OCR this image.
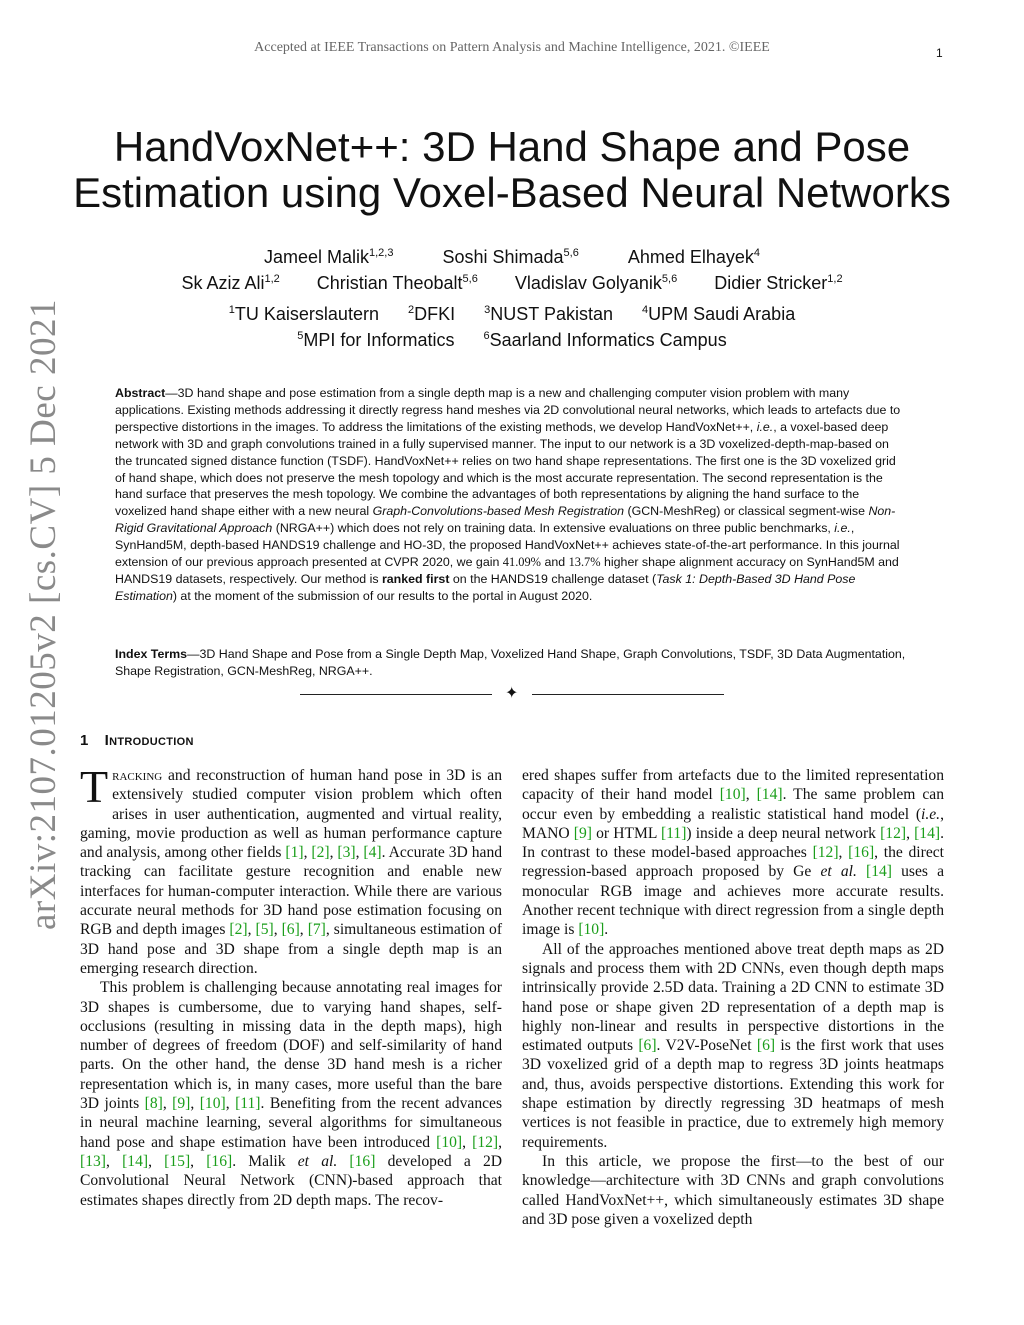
Accepted at IEEE Transactions on Pattern Analysis and Machine Intelligence, 2021. ©IEEE	1
arXiv:2107.01205v2 [cs.CV] 5 Dec 2021
HandVoxNet++: 3D Hand Shape and Pose
Estimation using Voxel-Based Neural Networks
Jameel Malik$^{1,2,3}$	Soshi Shimada$^{5,6}$	Ahmed Elhayek$^4$
Sk Aziz Ali$^{1,2}$ Christian Theobalt$^{5,6}$ Vladislav Golyanik$^{5,6}$ Didier Stricker$^{1,2}$
$^1$TU Kaiserslautern	$^2$DFKI	$^3$NUST Pakistan	$^4$UPM Saudi Arabia
$^5$MPI for Informatics	$^6$Saarland Informatics Campus
Abstract—3D hand shape and pose estimation from a single depth map is a new and challenging computer vision problem with many applications. Existing methods addressing it directly regress hand meshes via 2D convolutional neural networks, which leads to artefacts due to perspective distortions in the images. To address the limitations of the existing methods, we develop HandVoxNet++, i.e., a voxel-based deep network with 3D and graph convolutions trained in a fully supervised manner. The input to our network is a 3D voxelized-depth-map-based on the truncated signed distance function (TSDF). HandVoxNet++ relies on two hand shape representations. The first one is the 3D voxelized grid of hand shape, which does not preserve the mesh topology and which is the most accurate representation. The second representation is the hand surface that preserves the mesh topology. We combine the advantages of both representations by aligning the hand surface to the voxelized hand shape either with a new neural Graph-Convolutions-based Mesh Registration (GCN-MeshReg) or classical segment-wise Non-Rigid Gravitational Approach (NRGA++) which does not rely on training data. In extensive evaluations on three public benchmarks, i.e., SynHand5M, depth-based HANDS19 challenge and HO-3D, the proposed HandVoxNet++ achieves state-of-the-art performance. In this journal extension of our previous approach presented at CVPR 2020, we gain 41.09% and 13.7% higher shape alignment accuracy on SynHand5M and HANDS19 datasets, respectively. Our method is ranked first on the HANDS19 challenge dataset (Task 1: Depth-Based 3D Hand Pose Estimation) at the moment of the submission of our results to the portal in August 2020.
Index Terms—3D Hand Shape and Pose from a Single Depth Map, Voxelized Hand Shape, Graph Convolutions, TSDF, 3D Data Augmentation, Shape Registration, GCN-MeshReg, NRGA++.
✦
1 Introduction

Tracking and reconstruction of human hand pose in 3D is an extensively studied computer vision problem which often arises in user authentication, augmented and virtual reality, gaming, movie production as well as human performance capture and analysis, among other fields [1], [2], [3], [4]. Accurate 3D hand tracking can facilitate gesture recognition and enable new interfaces for human-computer interaction. While there are various accurate neural methods for 3D hand pose estimation focusing on RGB and depth images [2], [5], [6], [7], simultaneous estimation of 3D hand pose and 3D shape from a single depth map is an emerging research direction.

This problem is challenging because annotating real images for 3D shapes is cumbersome, due to varying hand shapes, self-occlusions (resulting in missing data in the depth maps), high number of degrees of freedom (DOF) and self-similarity of hand parts. On the other hand, the dense 3D hand mesh is a richer representation which is, in many cases, more useful than the bare 3D joints [8], [9], [10], [11]. Benefiting from the recent advances in neural machine learning, several algorithms for simultaneous hand pose and shape estimation have been introduced [10], [12], [13], [14], [15], [16]. Malik et al. [16] developed a 2D Convolutional Neural Network (CNN)-based approach that estimates shapes directly from 2D depth maps. The recov-

ered shapes suffer from artefacts due to the limited representation capacity of their hand model [10], [14]. The same problem can occur even by embedding a realistic statistical hand model (i.e., MANO [9] or HTML [11]) inside a deep neural network [12], [14]. In contrast to these model-based approaches [12], [16], the direct regression-based approach proposed by Ge et al. [14] uses a monocular RGB image and achieves more accurate results. Another recent technique with direct regression from a single depth image is [10].

All of the approaches mentioned above treat depth maps as 2D signals and process them with 2D CNNs, even though depth maps intrinsically provide 2.5D data. Training a 2D CNN to estimate 3D hand pose or shape given 2D representation of a depth map is highly non-linear and results in perspective distortions in the estimated outputs [6]. V2V-PoseNet [6] is the first work that uses 3D voxelized grid of a depth map to regress 3D joints heatmaps and, thus, avoids perspective distortions. Extending this work for shape estimation by directly regressing 3D heatmaps of mesh vertices is not feasible in practice, due to extremely high memory requirements.

In this article, we propose the first—to the best of our knowledge—architecture with 3D CNNs and graph convolutions called HandVoxNet++, which simultaneously estimates 3D shape and 3D pose given a voxelized depth
